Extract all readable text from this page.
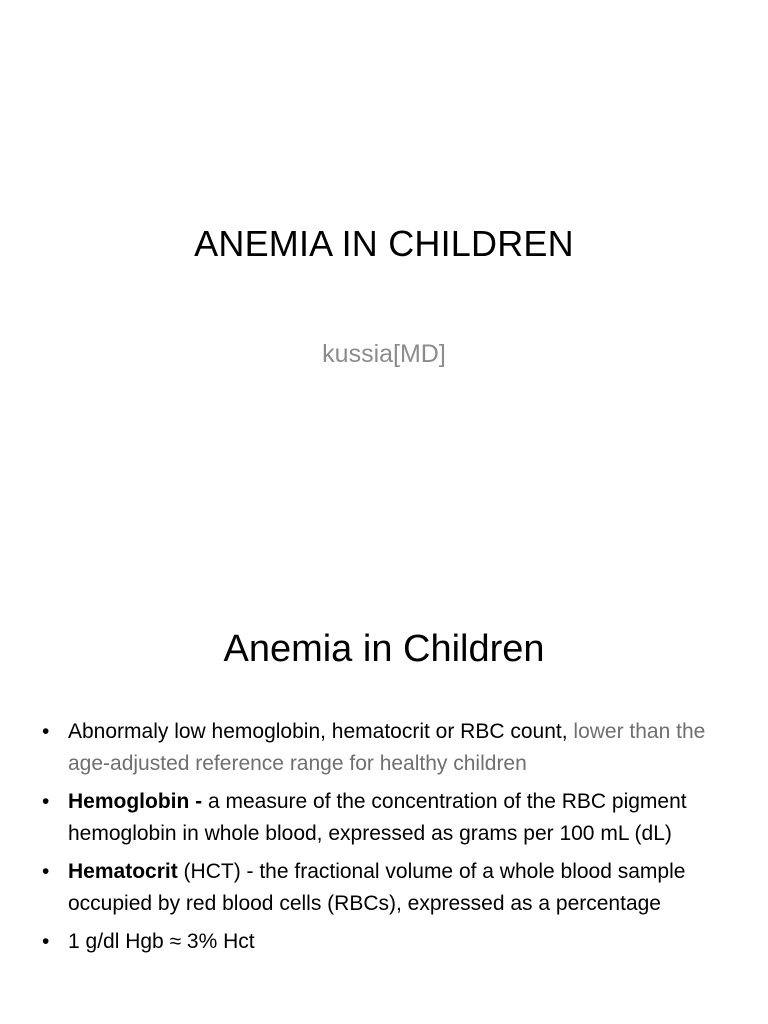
ANEMIA IN CHILDREN
kussia[MD]
Anemia in Children
• Abnormaly low hemoglobin, hematocrit or RBC count, lower than the age-adjusted reference range for healthy children
• Hemoglobin - a measure of the concentration of the RBC pigment hemoglobin in whole blood, expressed as grams per 100 mL (dL)
• Hematocrit (HCT) - the fractional volume of a whole blood sample occupied by red blood cells (RBCs), expressed as a percentage
• 1 g/dl Hgb ≈ 3% Hct
